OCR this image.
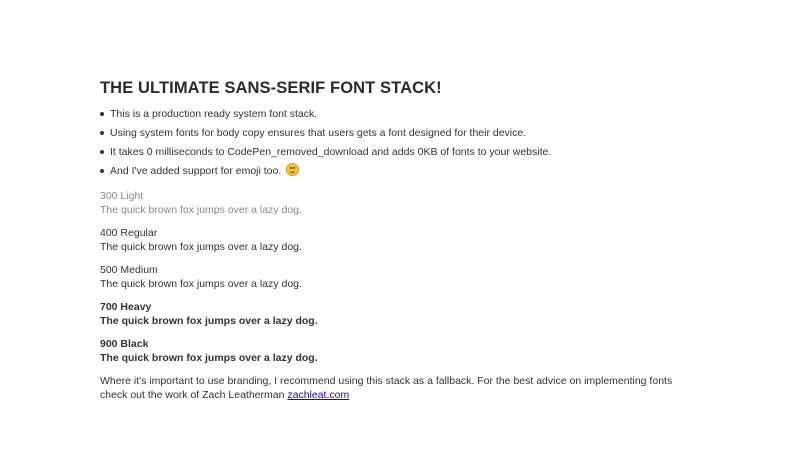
THE ULTIMATE SANS-SERIF FONT STACK!
This is a production ready system font stack.
Using system fonts for body copy ensures that users gets a font designed for their device.
It takes 0 milliseconds to CodePen_removed_download and adds 0KB of fonts to your website.
And I've added support for emoji too.
300 Light
The quick brown fox jumps over a lazy dog.
400 Regular
The quick brown fox jumps over a lazy dog.
500 Medium
The quick brown fox jumps over a lazy dog.
700 Heavy
The quick brown fox jumps over a lazy dog.
900 Black
The quick brown fox jumps over a lazy dog.

Where it's important to use branding, I recommend using this stack as a fallback. For the best advice on implementing fonts check out the work of Zach Leatherman zachleat.com
